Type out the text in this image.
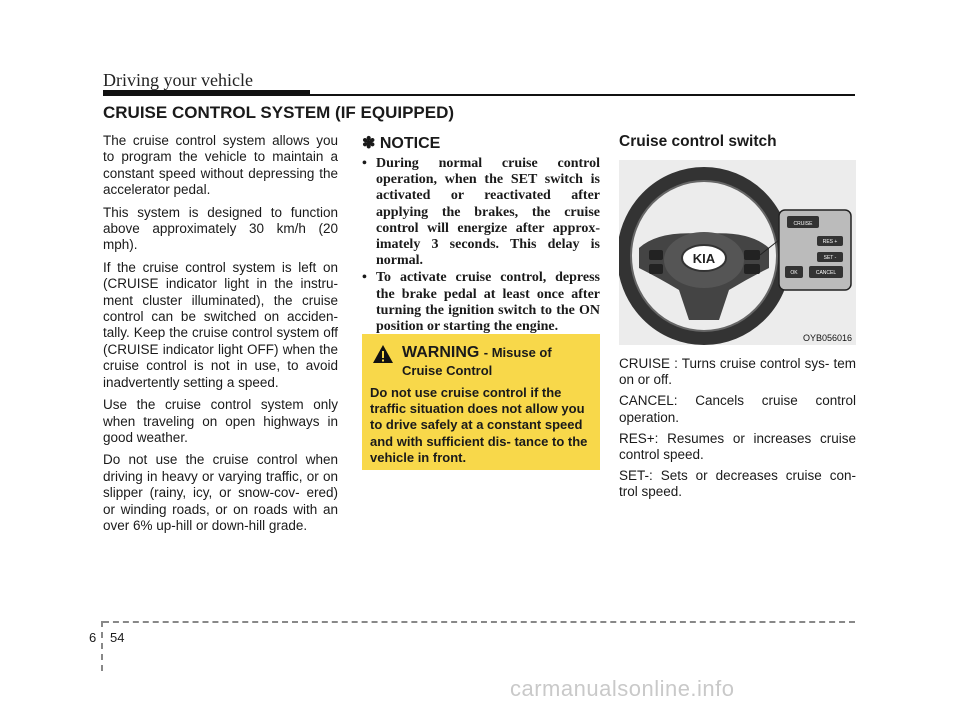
Driving your vehicle
CRUISE CONTROL SYSTEM (IF EQUIPPED)

The cruise control system allows you to program the vehicle to maintain a constant speed without depressing the accelerator pedal.

This system is designed to function above approximately 30 km/h (20 mph).

If the cruise control system is left on (CRUISE indicator light in the instru- ment cluster illuminated), the cruise control can be switched on acciden- tally. Keep the cruise control system off (CRUISE indicator light OFF) when the cruise control is not in use, to avoid inadvertently setting a speed.

Use the cruise control system only when traveling on open highways in good weather.

Do not use the cruise control when driving in heavy or varying traffic, or on slipper (rainy, icy, or snow-cov- ered) or winding roads, or on roads with an over 6% up-hill or down-hill grade.

✽ NOTICE
• During normal cruise control operation, when the SET switch is activated or reactivated after applying the brakes, the cruise control will energize after approx- imately 3 seconds. This delay is normal.
• To activate cruise control, depress the brake pedal at least once after turning the ignition switch to the ON position or starting the engine.
WARNING - Misuse of
Cruise Control
Do not use cruise control if the traffic situation does not allow you to drive safely at a constant speed and with sufficient dis- tance to the vehicle in front.
Cruise control switch
KIA
CRUISE
RES +
SET -
OK	CANCEL
OYB056016
CRUISE : Turns cruise control sys- tem on or off.
CANCEL: Cancels cruise control operation.
RES+: Resumes or increases cruise control speed.
SET-: Sets or decreases cruise con- trol speed.
6 54
carmanualsonline.info
